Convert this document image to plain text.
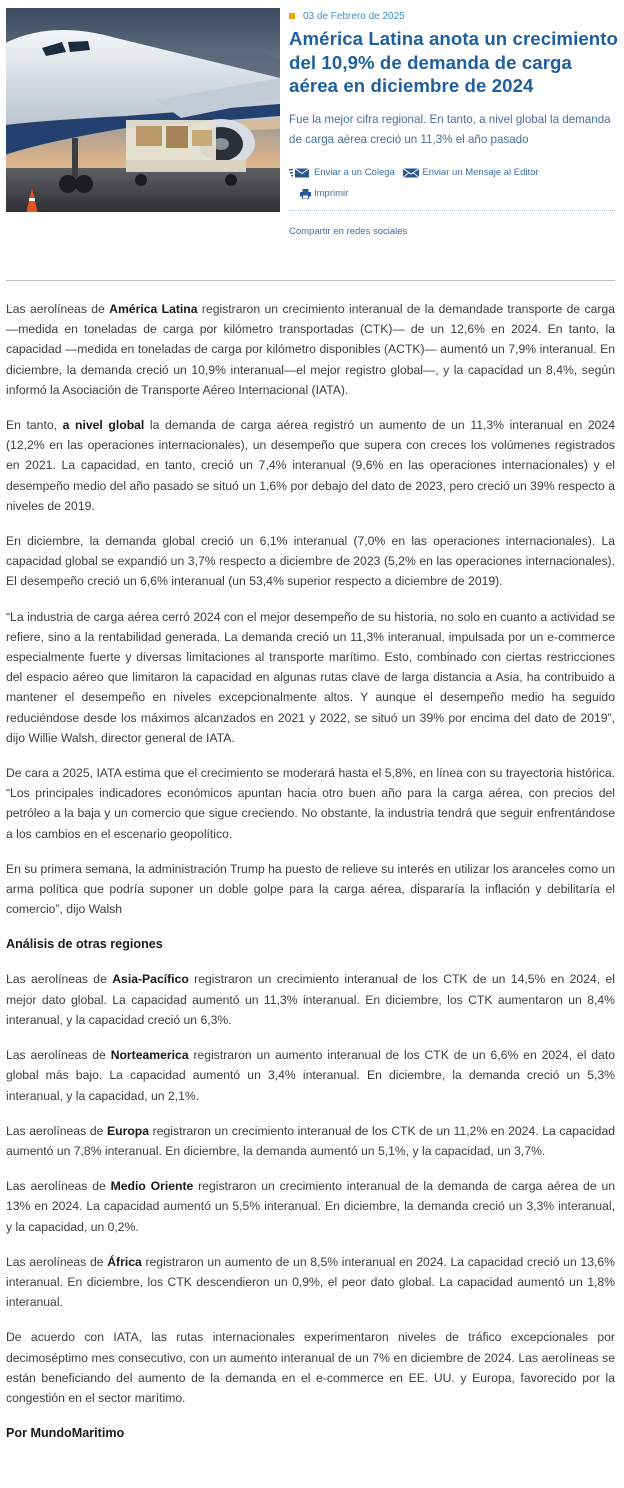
03 de Febrero de 2025
América Latina anota un crecimiento del 10,9% de demanda de carga aérea en diciembre de 2024
Fue la mejor cifra regional. En tanto, a nivel global la demanda de carga aérea creció un 11,3% el año pasado
Enviar a un Colega
	Enviar un Mensaje al Editor
Imprimir
Compartir en redes sociales

Las aerolíneas de América Latina registraron un crecimiento interanual de la demandade transporte de carga —medida en toneladas de carga por kilómetro transportadas (CTK)— de un 12,6% en 2024. En tanto, la capacidad —medida en toneladas de carga por kilómetro disponibles (ACTK)— aumentó un 7,9% interanual. En diciembre, la demanda creció un 10,9% interanual—el mejor registro global—, y la capacidad un 8,4%, según informó la Asociación de Transporte Aéreo Internacional (IATA).

En tanto, a nivel global la demanda de carga aérea registró un aumento de un 11,3% interanual en 2024 (12,2% en las operaciones internacionales), un desempeño que supera con creces los volúmenes registrados en 2021. La capacidad, en tanto, creció un 7,4% interanual (9,6% en las operaciones internacionales) y el desempeño medio del año pasado se situó un 1,6% por debajo del dato de 2023, pero creció un 39% respecto a niveles de 2019.

En diciembre, la demanda global creció un 6,1% interanual (7,0% en las operaciones internacionales). La capacidad global se expandió un 3,7% respecto a diciembre de 2023 (5,2% en las operaciones internacionales). El desempeño creció un 6,6% interanual (un 53,4% superior respecto a diciembre de 2019).

“La industria de carga aérea cerró 2024 con el mejor desempeño de su historia, no solo en cuanto a actividad se refiere, sino a la rentabilidad generada. La demanda creció un 11,3% interanual, impulsada por un e-commerce especialmente fuerte y diversas limitaciones al transporte marítimo. Esto, combinado con ciertas restricciones del espacio aéreo que limitaron la capacidad en algunas rutas clave de larga distancia a Asia, ha contribuido a mantener el desempeño en niveles excepcionalmente altos. Y aunque el desempeño medio ha seguido reduciéndose desde los máximos alcanzados en 2021 y 2022, se situó un 39% por encima del dato de 2019”, dijo Willie Walsh, director general de IATA.

De cara a 2025, IATA estima que el crecimiento se moderará hasta el 5,8%, en línea con su trayectoria histórica. “Los principales indicadores económicos apuntan hacia otro buen año para la carga aérea, con precios del petróleo a la baja y un comercio que sigue creciendo. No obstante, la industria tendrá que seguir enfrentándose a los cambios en el escenario geopolítico.

En su primera semana, la administración Trump ha puesto de relieve su interés en utilizar los aranceles como un arma política que podría suponer un doble golpe para la carga aérea, dispararía la inflación y debilitaría el comercio”, dijo Walsh

Análisis de otras regiones

Las aerolíneas de Asia-Pacífico registraron un crecimiento interanual de los CTK de un 14,5% en 2024, el mejor dato global. La capacidad aumentó un 11,3% interanual. En diciembre, los CTK aumentaron un 8,4% interanual, y la capacidad creció un 6,3%.

Las aerolíneas de Norteamerica registraron un aumento interanual de los CTK de un 6,6% en 2024, el dato global más bajo. La capacidad aumentó un 3,4% interanual. En diciembre, la demanda creció un 5,3% interanual, y la capacidad, un 2,1%.

Las aerolíneas de Europa registraron un crecimiento interanual de los CTK de un 11,2% en 2024. La capacidad aumentó un 7,8% interanual. En diciembre, la demanda aumentó un 5,1%, y la capacidad, un 3,7%.

Las aerolíneas de Medio Oriente registraron un crecimiento interanual de la demanda de carga aérea de un 13% en 2024. La capacidad aumentó un 5,5% interanual. En diciembre, la demanda creció un 3,3% interanual, y la capacidad, un 0,2%.

Las aerolíneas de África registraron un aumento de un 8,5% interanual en 2024. La capacidad creció un 13,6% interanual. En diciembre, los CTK descendieron un 0,9%, el peor dato global. La capacidad aumentó un 1,8% interanual.

De acuerdo con IATA, las rutas internacionales experimentaron niveles de tráfico excepcionales por decimoséptimo mes consecutivo, con un aumento interanual de un 7% en diciembre de 2024. Las aerolíneas se están beneficiando del aumento de la demanda en el e-commerce en EE. UU. y Europa, favorecido por la congestión en el sector marítimo.

Por MundoMaritimo
